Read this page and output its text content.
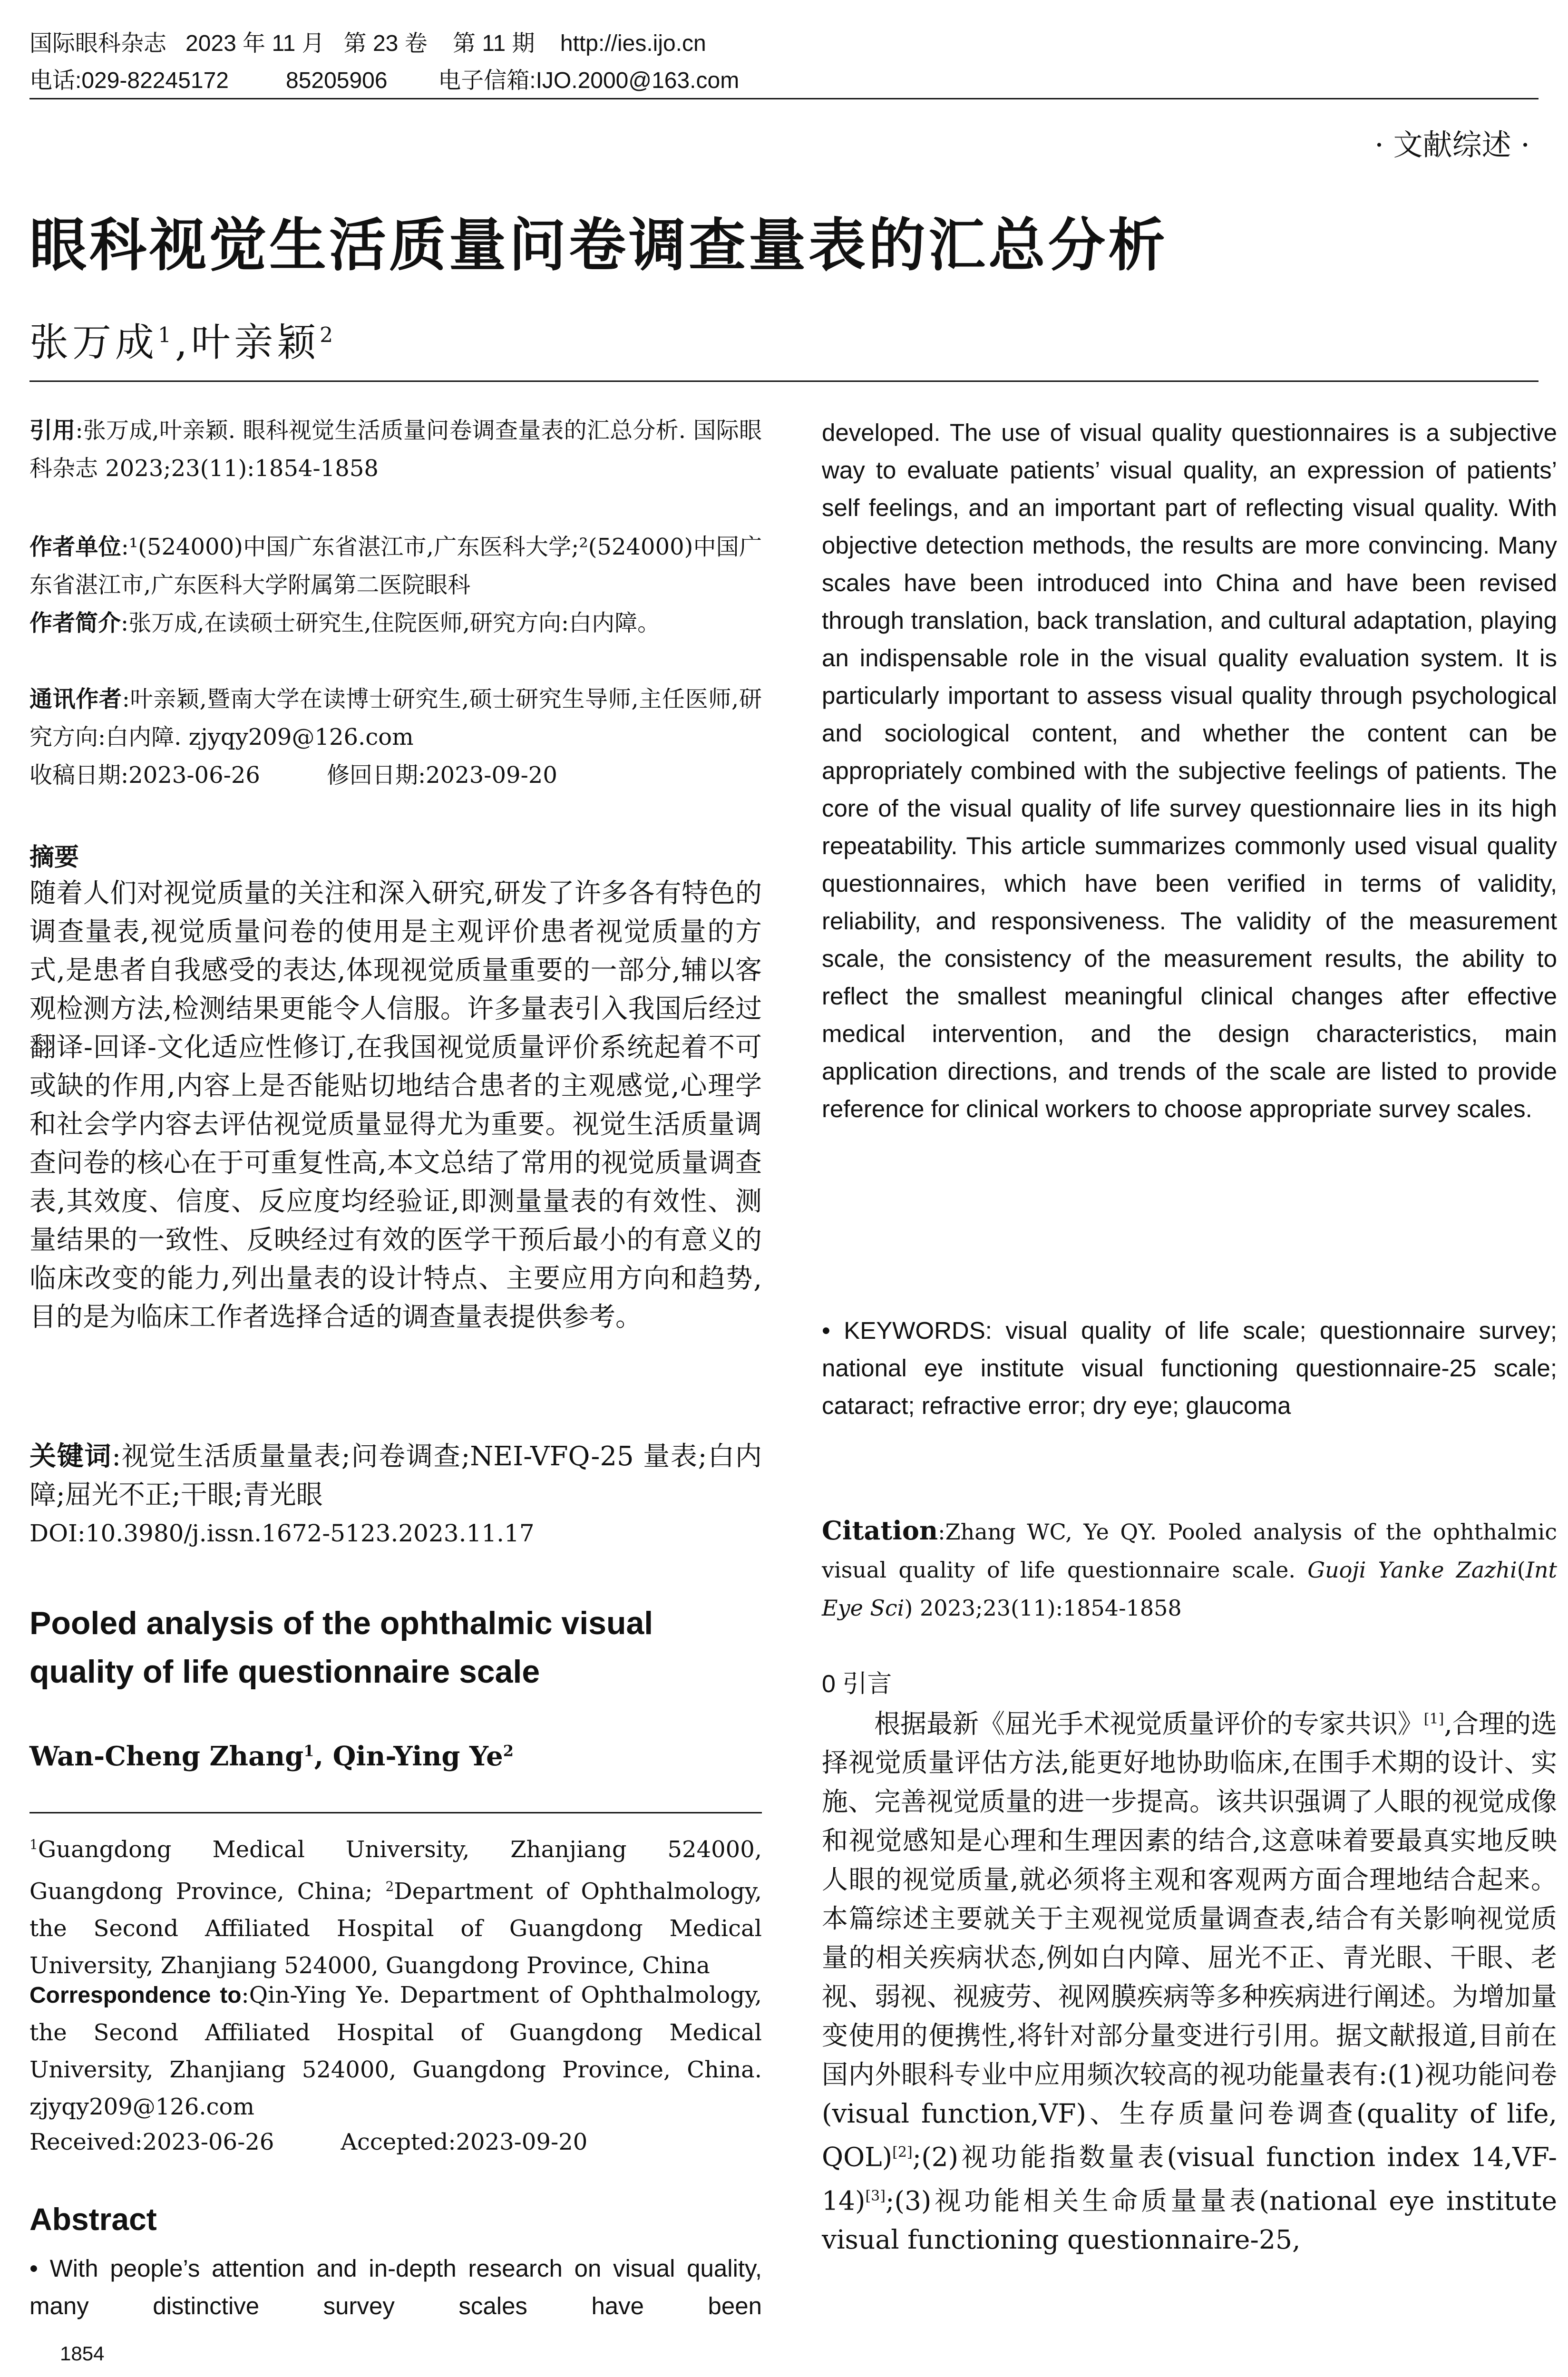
国际眼科杂志   2023 年 11 月   第 23 卷    第 11 期    http://ies.ijo.cn
电话:029-82245172         85205906        电子信箱:IJO.2000@163.com
· 文献综述 ·
眼科视觉生活质量问卷调查量表的汇总分析
张万成$^1$,叶亲颖$^2$

引用:张万成,叶亲颖. 眼科视觉生活质量问卷调查量表的汇总分析. 国际眼科杂志 2023;23(11):1854-1858

作者单位:¹(524000)中国广东省湛江市,广东医科大学;²(524000)中国广东省湛江市,广东医科大学附属第二医院眼科

作者简介:张万成,在读硕士研究生,住院医师,研究方向:白内障。

通讯作者:叶亲颖,暨南大学在读博士研究生,硕士研究生导师,主任医师,研究方向:白内障. zjyqy209@126.com

收稿日期:2023-06-26	修回日期:2023-09-20
摘要

随着人们对视觉质量的关注和深入研究,研发了许多各有特色的调查量表,视觉质量问卷的使用是主观评价患者视觉质量的方式,是患者自我感受的表达,体现视觉质量重要的一部分,辅以客观检测方法,检测结果更能令人信服。许多量表引入我国后经过翻译-回译-文化适应性修订,在我国视觉质量评价系统起着不可或缺的作用,内容上是否能贴切地结合患者的主观感觉,心理学和社会学内容去评估视觉质量显得尤为重要。视觉生活质量调查问卷的核心在于可重复性高,本文总结了常用的视觉质量调查表,其效度、信度、反应度均经验证,即测量量表的有效性、测量结果的一致性、反映经过有效的医学干预后最小的有意义的临床改变的能力,列出量表的设计特点、主要应用方向和趋势,目的是为临床工作者选择合适的调查量表提供参考。

关键词:视觉生活质量量表;问卷调查;NEI-VFQ-25 量表;白内障;屈光不正;干眼;青光眼

DOI:10.3980/j.issn.1672-5123.2023.11.17
Pooled analysis of the ophthalmic visual quality of life questionnaire scale
Wan-Cheng Zhang$^1$, Qin-Ying Ye$^2$

$^1$Guangdong Medical University, Zhanjiang 524000, Guangdong Province, China; $^2$Department of Ophthalmology, the Second Affiliated Hospital of Guangdong Medical University, Zhanjiang 524000, Guangdong Province, China

Correspondence to:Qin-Ying Ye. Department of Ophthalmology, the Second Affiliated Hospital of Guangdong Medical University, Zhanjiang 524000, Guangdong Province, China. zjyqy209@126.com

Received:2023-06-26	Accepted:2023-09-20
Abstract

• With people’s attention and in-depth research on visual quality, many distinctive survey scales have been

1854

developed. The use of visual quality questionnaires is a subjective way to evaluate patients’ visual quality, an expression of patients’ self feelings, and an important part of reflecting visual quality. With objective detection methods, the results are more convincing. Many scales have been introduced into China and have been revised through translation, back translation, and cultural adaptation, playing an indispensable role in the visual quality evaluation system. It is particularly important to assess visual quality through psychological and sociological content, and whether the content can be appropriately combined with the subjective feelings of patients. The core of the visual quality of life survey questionnaire lies in its high repeatability. This article summarizes commonly used visual quality questionnaires, which have been verified in terms of validity, reliability, and responsiveness. The validity of the measurement scale, the consistency of the measurement results, the ability to reflect the smallest meaningful clinical changes after effective medical intervention, and the design characteristics, main application directions, and trends of the scale are listed to provide reference for clinical workers to choose appropriate survey scales.

• KEYWORDS: visual quality of life scale; questionnaire survey; national eye institute visual functioning questionnaire-25 scale; cataract; refractive error; dry eye; glaucoma

Citation:Zhang WC, Ye QY. Pooled analysis of the ophthalmic visual quality of life questionnaire scale. Guoji Yanke Zazhi(Int Eye Sci) 2023;23(11):1854-1858

0 引言

根据最新《屈光手术视觉质量评价的专家共识》[1],合理的选择视觉质量评估方法,能更好地协助临床,在围手术期的设计、实施、完善视觉质量的进一步提高。该共识强调了人眼的视觉成像和视觉感知是心理和生理因素的结合,这意味着要最真实地反映人眼的视觉质量,就必须将主观和客观两方面合理地结合起来。本篇综述主要就关于主观视觉质量调查表,结合有关影响视觉质量的相关疾病状态,例如白内障、屈光不正、青光眼、干眼、老视、弱视、视疲劳、视网膜疾病等多种疾病进行阐述。为增加量变使用的便携性,将针对部分量变进行引用。据文献报道,目前在国内外眼科专业中应用频次较高的视功能量表有:(1)视功能问卷(visual function,VF)、生存质量问卷调查(quality of life, QOL)[2];(2)视功能指数量表(visual function index 14,VF-14)[3];(3)视功能相关生命质量量表(national eye institute visual functioning questionnaire-25,
